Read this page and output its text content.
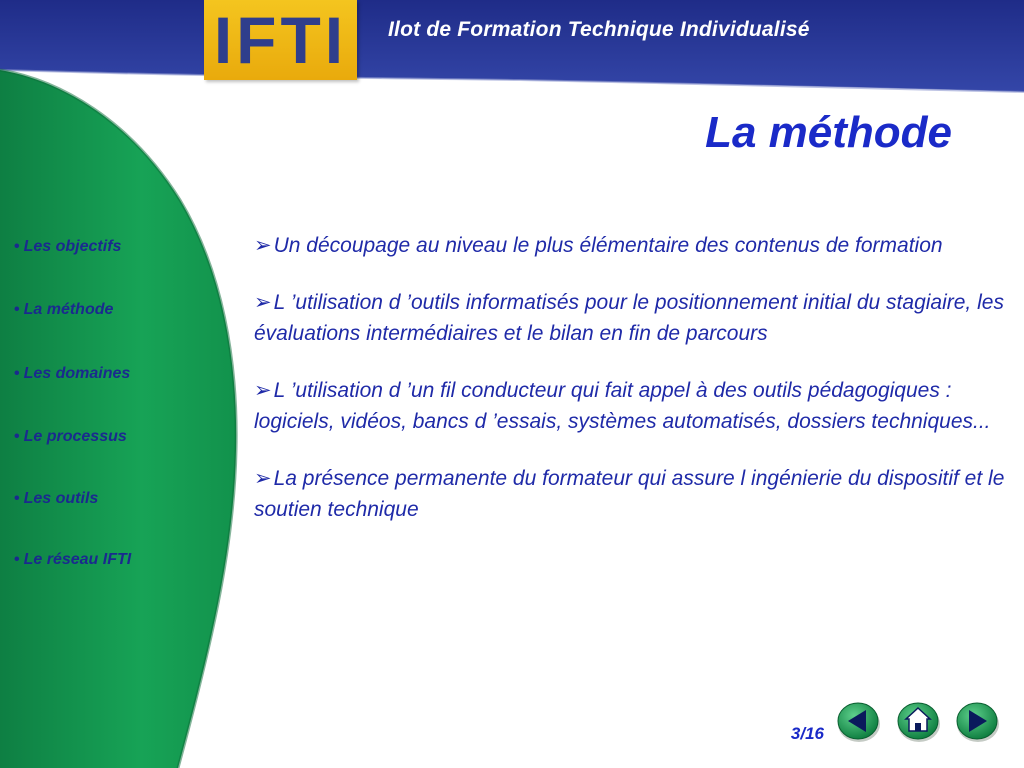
IFTI	Ilot de Formation Technique Individualisé
• Les objectifs
• La méthode
• Les domaines
• Le processus
• Les outils
• Le réseau IFTI
La méthode

➢Un découpage au niveau le plus élémentaire des contenus de formation

➢L ’utilisation d ’outils informatisés pour le positionnement initial du stagiaire, les évaluations intermédiaires et le bilan en fin de parcours

➢L ’utilisation d ’un fil conducteur qui fait appel à des outils pédagogiques : logiciels, vidéos, bancs d ’essais, systèmes automatisés, dossiers techniques...

➢La présence permanente du formateur qui assure l ingénierie du dispositif et le soutien technique

3/16
